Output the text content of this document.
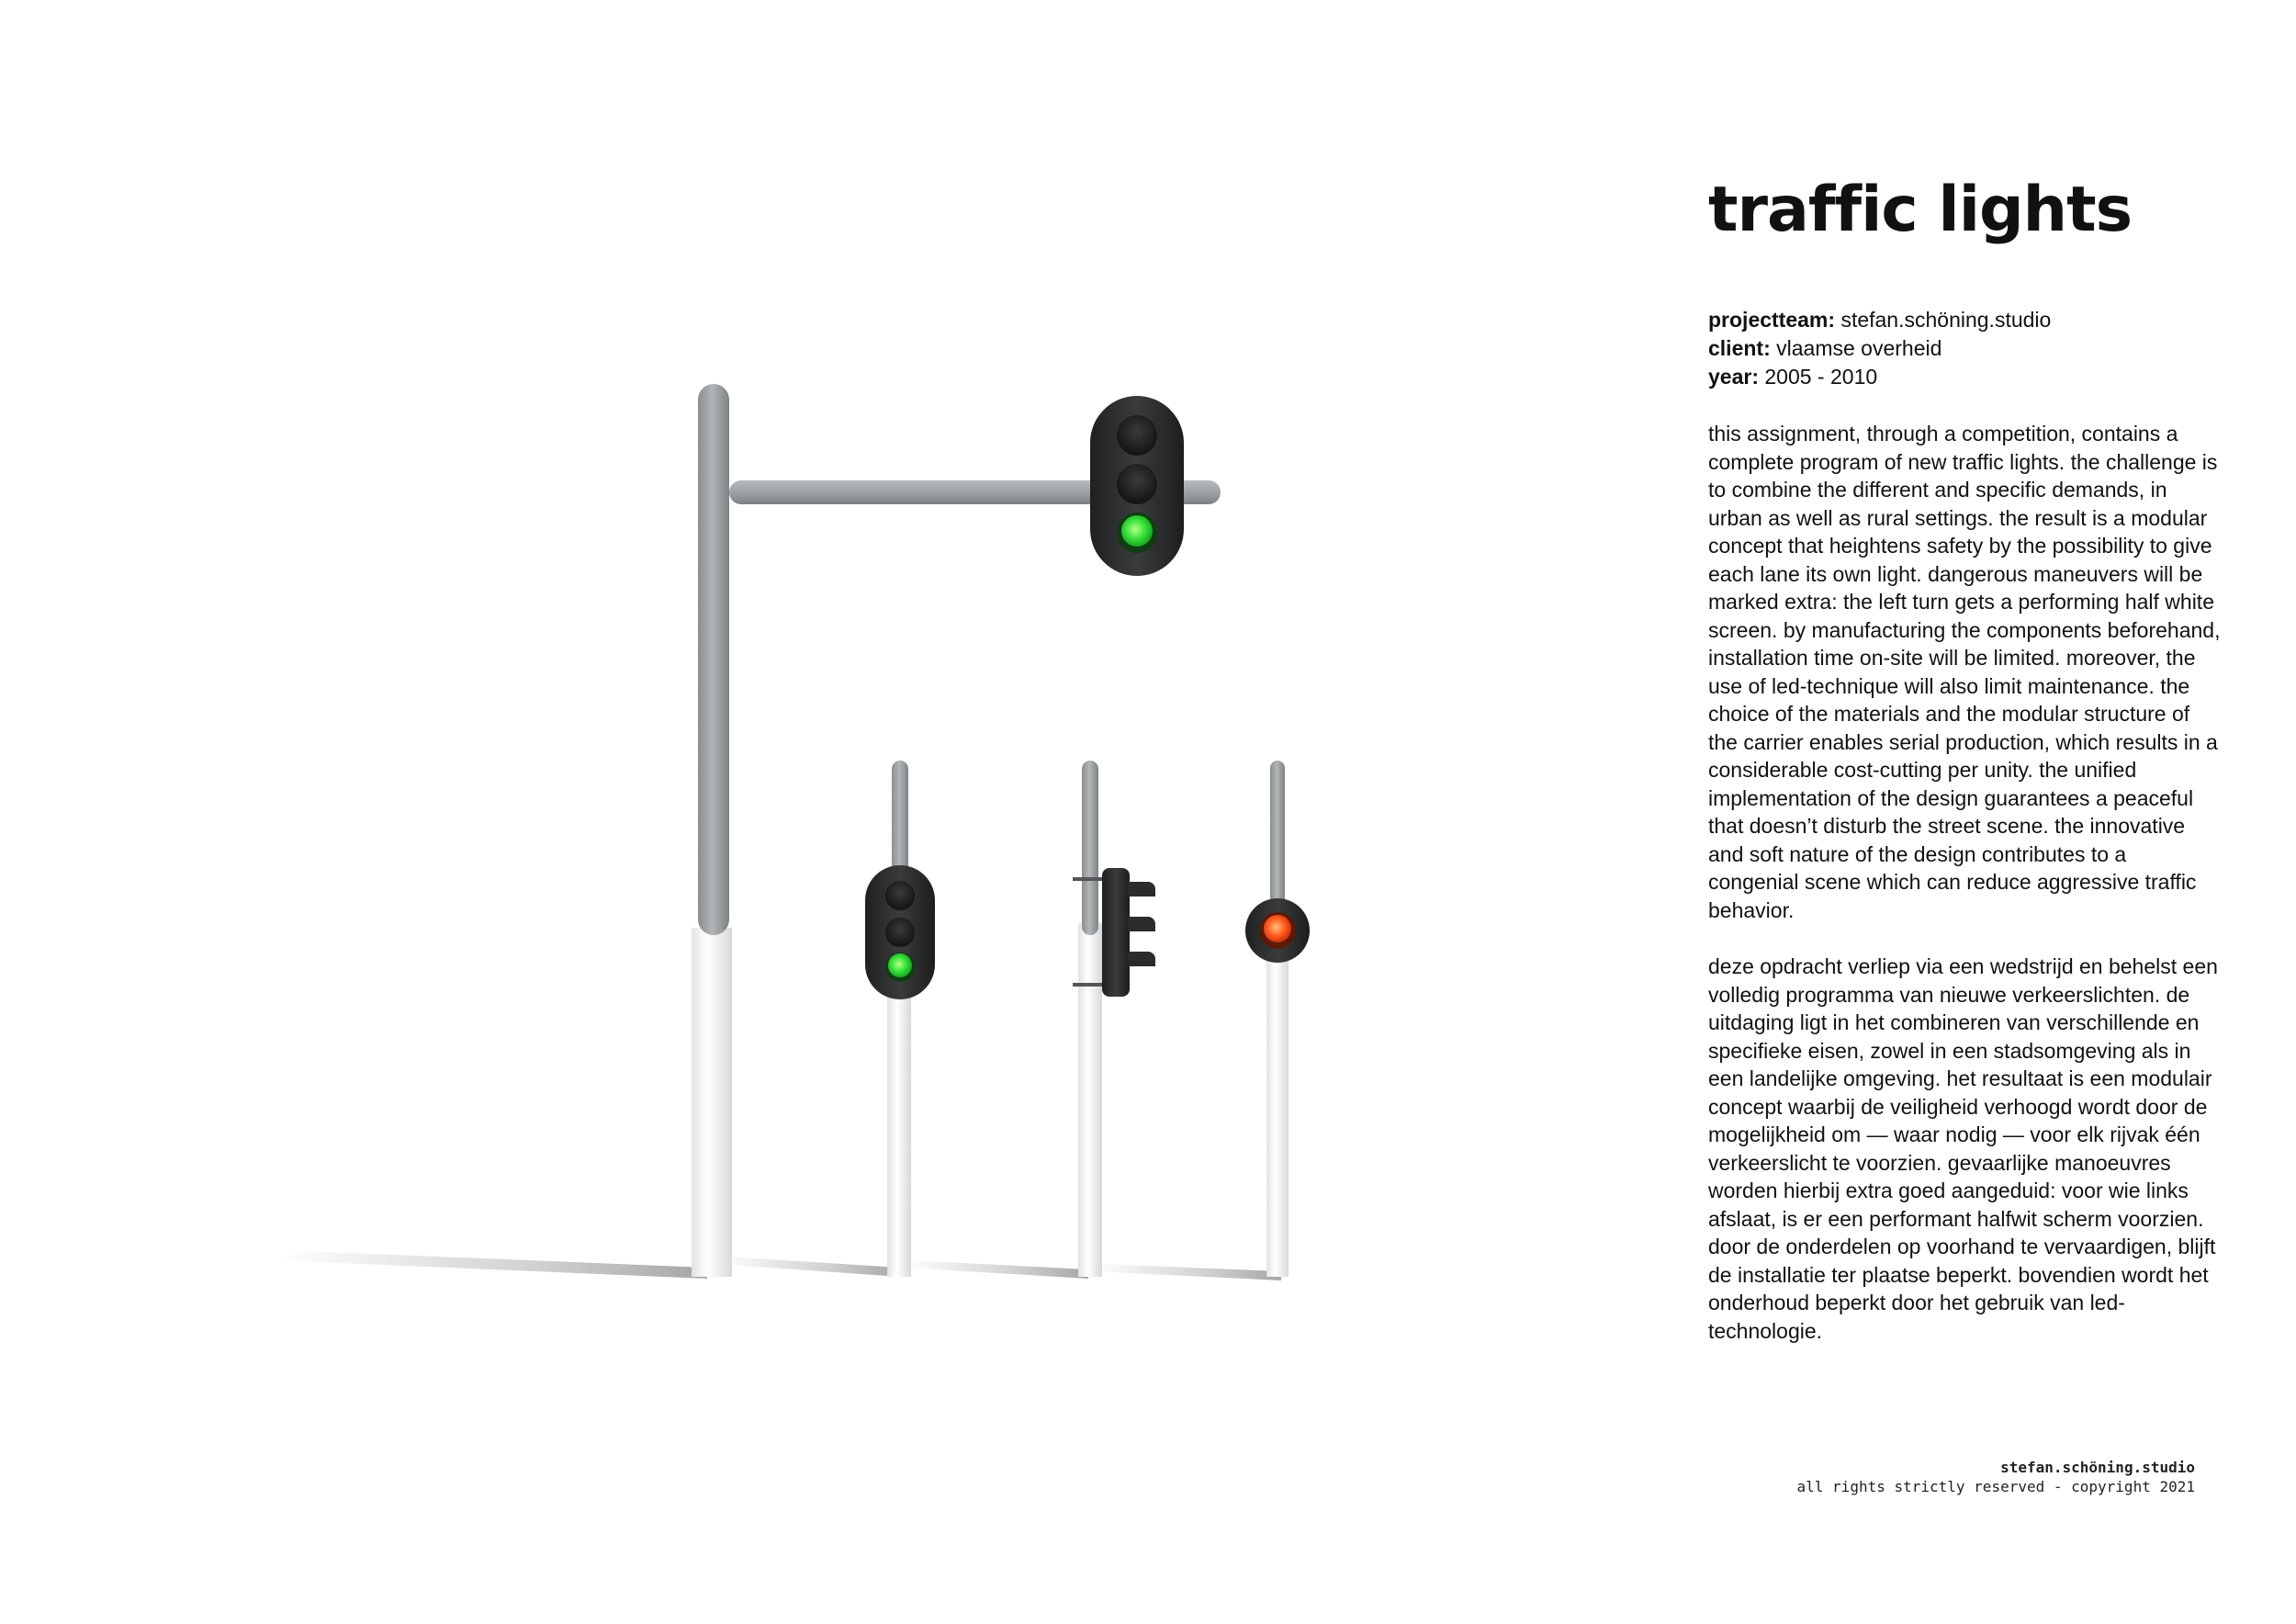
traffic lights
projectteam: stefan.schöning.studio
client: vlaamse overheid
year: 2005 - 2010

this assignment, through a competition, contains a complete program of new traffic lights. the challenge is to combine the different and specific demands, in urban as well as rural settings. the result is a modular concept that heightens safety by the possibility to give each lane its own light. dangerous maneuvers will be marked extra: the left turn gets a performing half white screen. by manufacturing the components beforehand, installation time on-site will be limited. moreover, the use of led-technique will also limit maintenance. the choice of the materials and the modular structure of the carrier enables serial production, which results in a considerable cost-cutting per unity. the unified implementation of the design guarantees a peaceful that doesn’t disturb the street scene. the innovative and soft nature of the design contributes to a congenial scene which can reduce aggressive traffic behavior.

deze opdracht verliep via een wedstrijd en behelst een volledig programma van nieuwe verkeerslichten. de uitdaging ligt in het combineren van verschillende en specifieke eisen, zowel in een stadsomgeving als in een landelijke omgeving. het resultaat is een modulair concept waarbij de veiligheid verhoogd wordt door de mogelijkheid om — waar nodig — voor elk rijvak één verkeerslicht te voorzien. gevaarlijke manoeuvres worden hierbij extra goed aangeduid: voor wie links afslaat, is er een performant halfwit scherm voorzien. door de onderdelen op voorhand te vervaardigen, blijft de installatie ter plaatse beperkt. bovendien wordt het onderhoud beperkt door het gebruik van led-technologie.

stefan.schöning.studio
all rights strictly reserved - copyright 2021
